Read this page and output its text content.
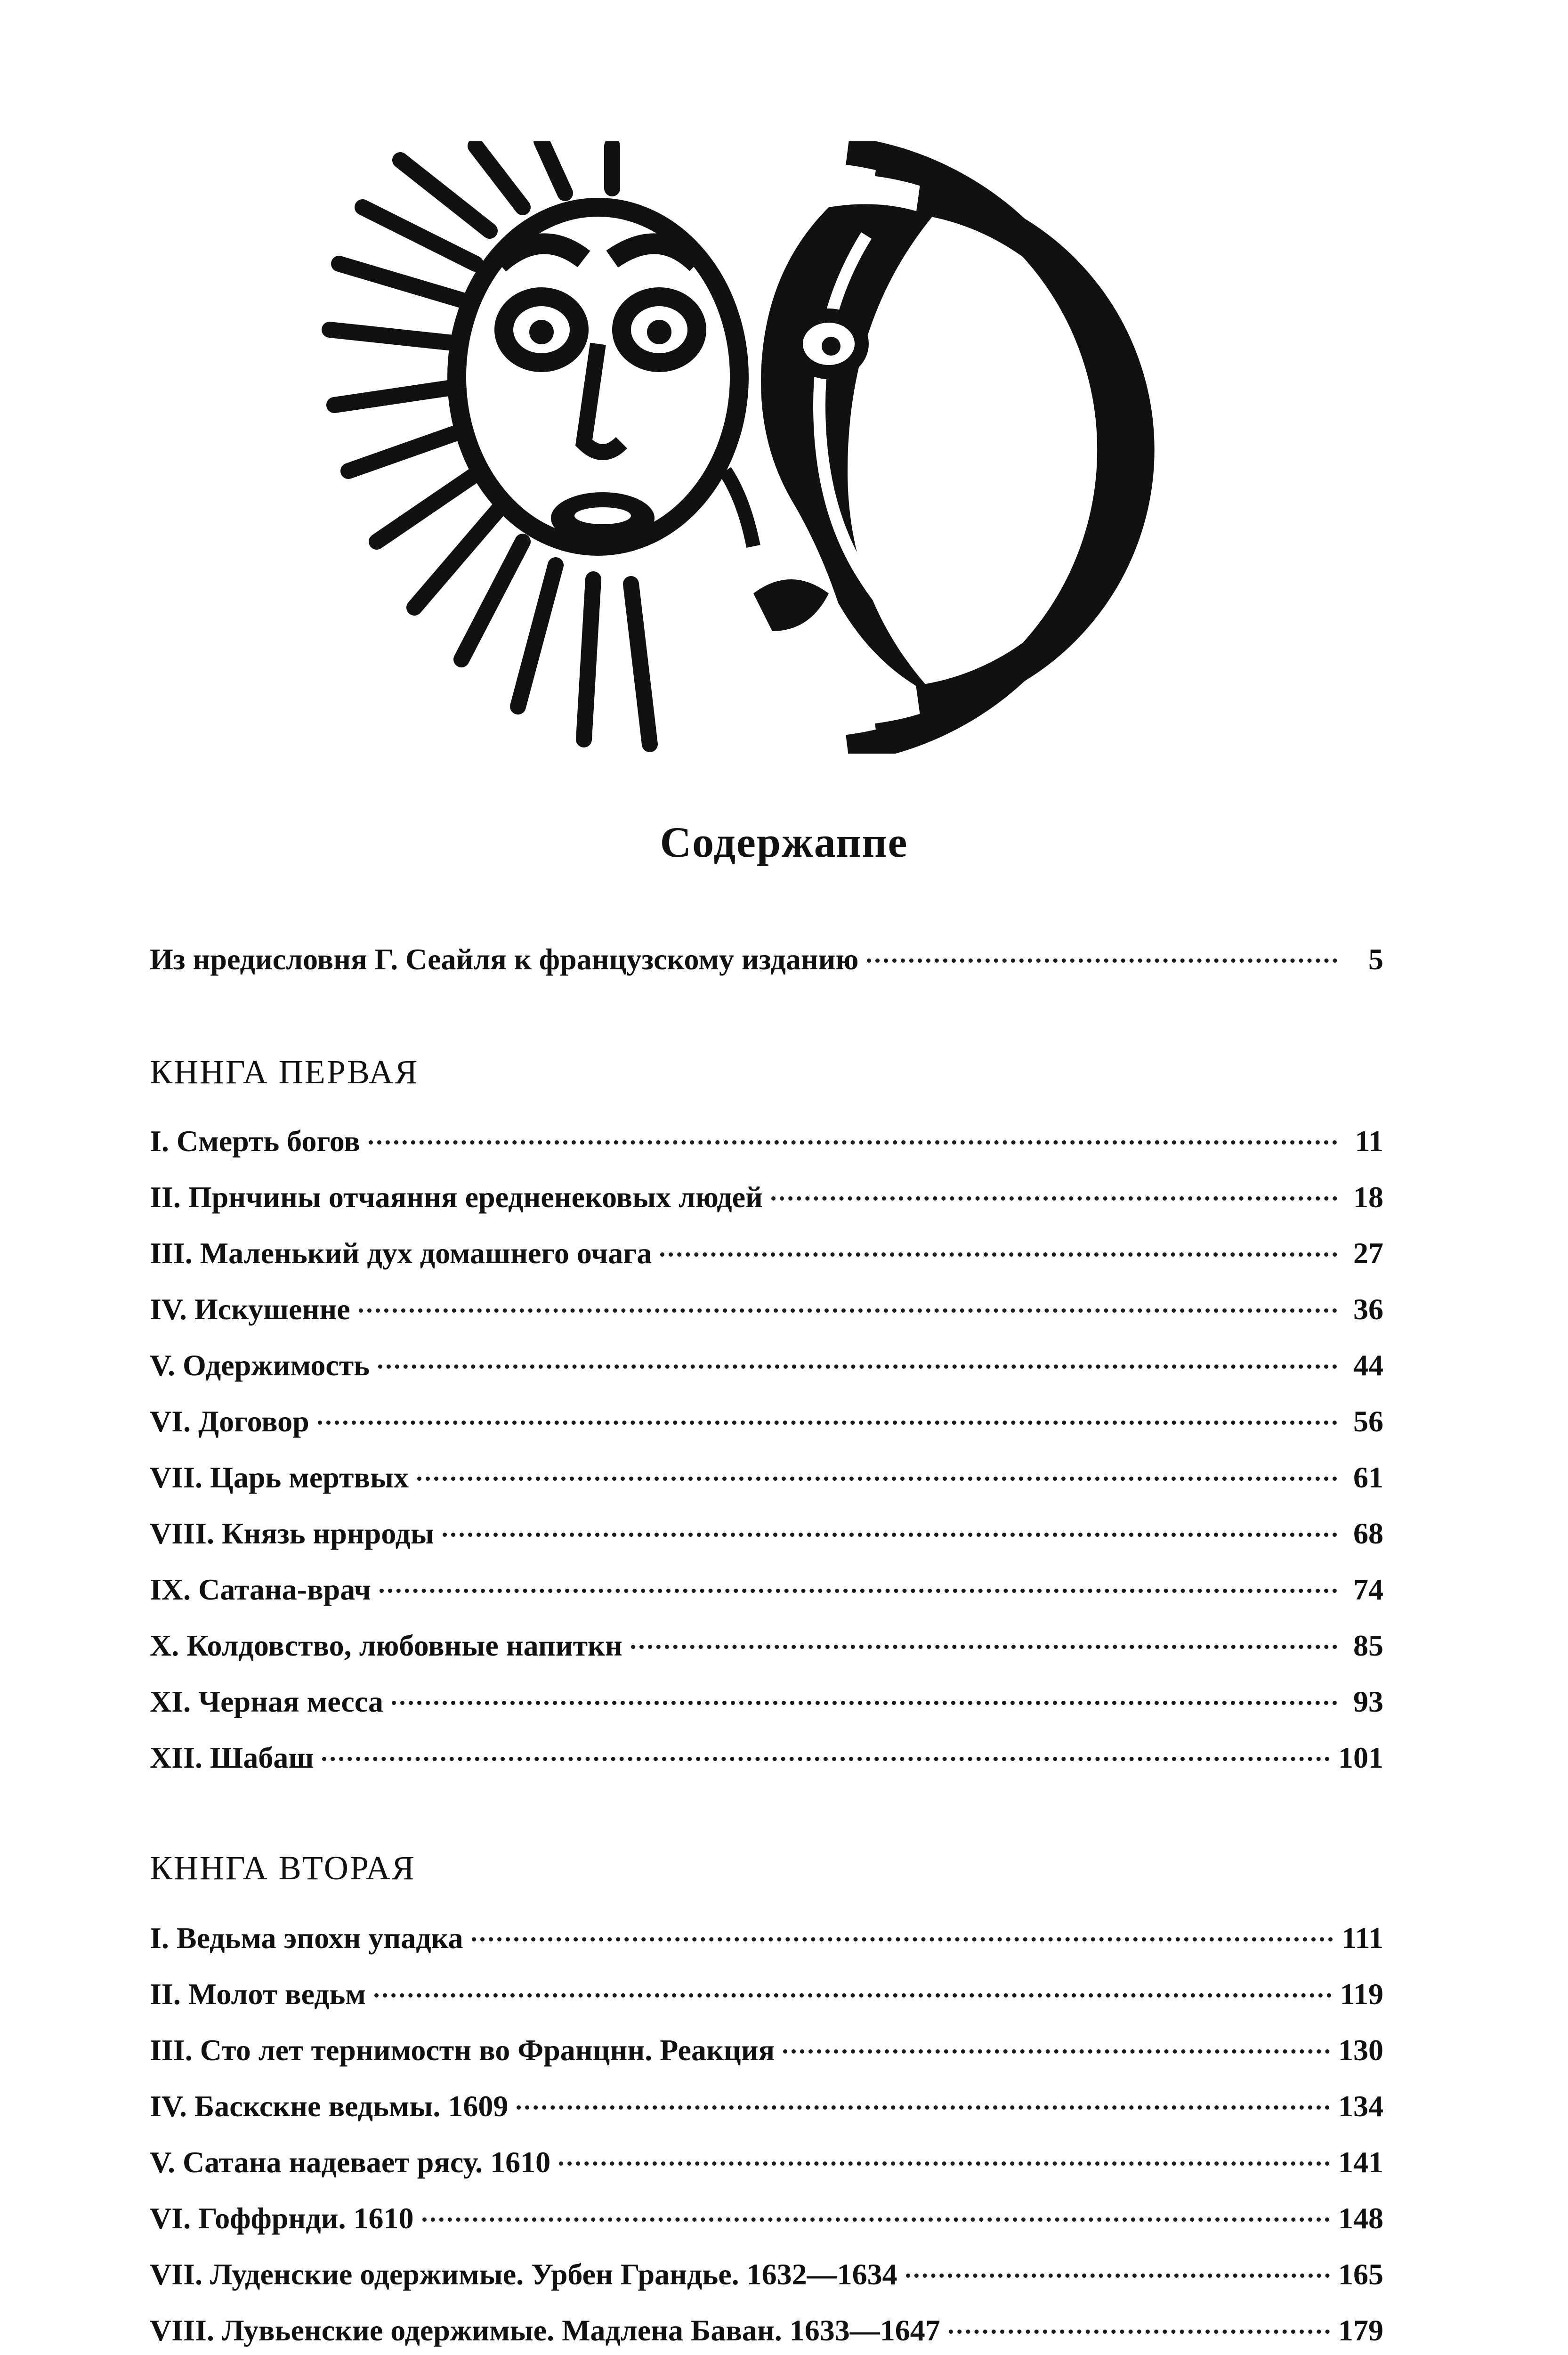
Содержаппе
Из нредисловня Г. Сеайля к французскому изданию	5
КННГА ПЕРВАЯ
I. Смерть богов	11
II. Прнчины отчаяння ередненековых людей	18
III. Маленький дух домашнего очага	27
IV. Искушенне	36
V. Одержимость	44
VI. Договор	56
VII. Царь мертвых	61
VIII. Князь нрнроды	68
IX. Сатана-врач	74
X. Колдовство, любовные напиткн	85
XI. Черная месса	93
XII. Шабаш	101
КННГА ВТОРАЯ
I. Ведьма эпохн упадка	111
II. Молот ведьм	119
III. Сто лет тернимостн во Францнн. Реакция	130
IV. Баскскне ведьмы. 1609	134
V. Сатана надевает рясу. 1610	141
VI. Гоффрнди. 1610	148
VII. Луденские одержимые. Урбен Грандье. 1632—1634	165
VIII. Лувьенские одержимые. Мадлена Баван. 1633—1647	179
